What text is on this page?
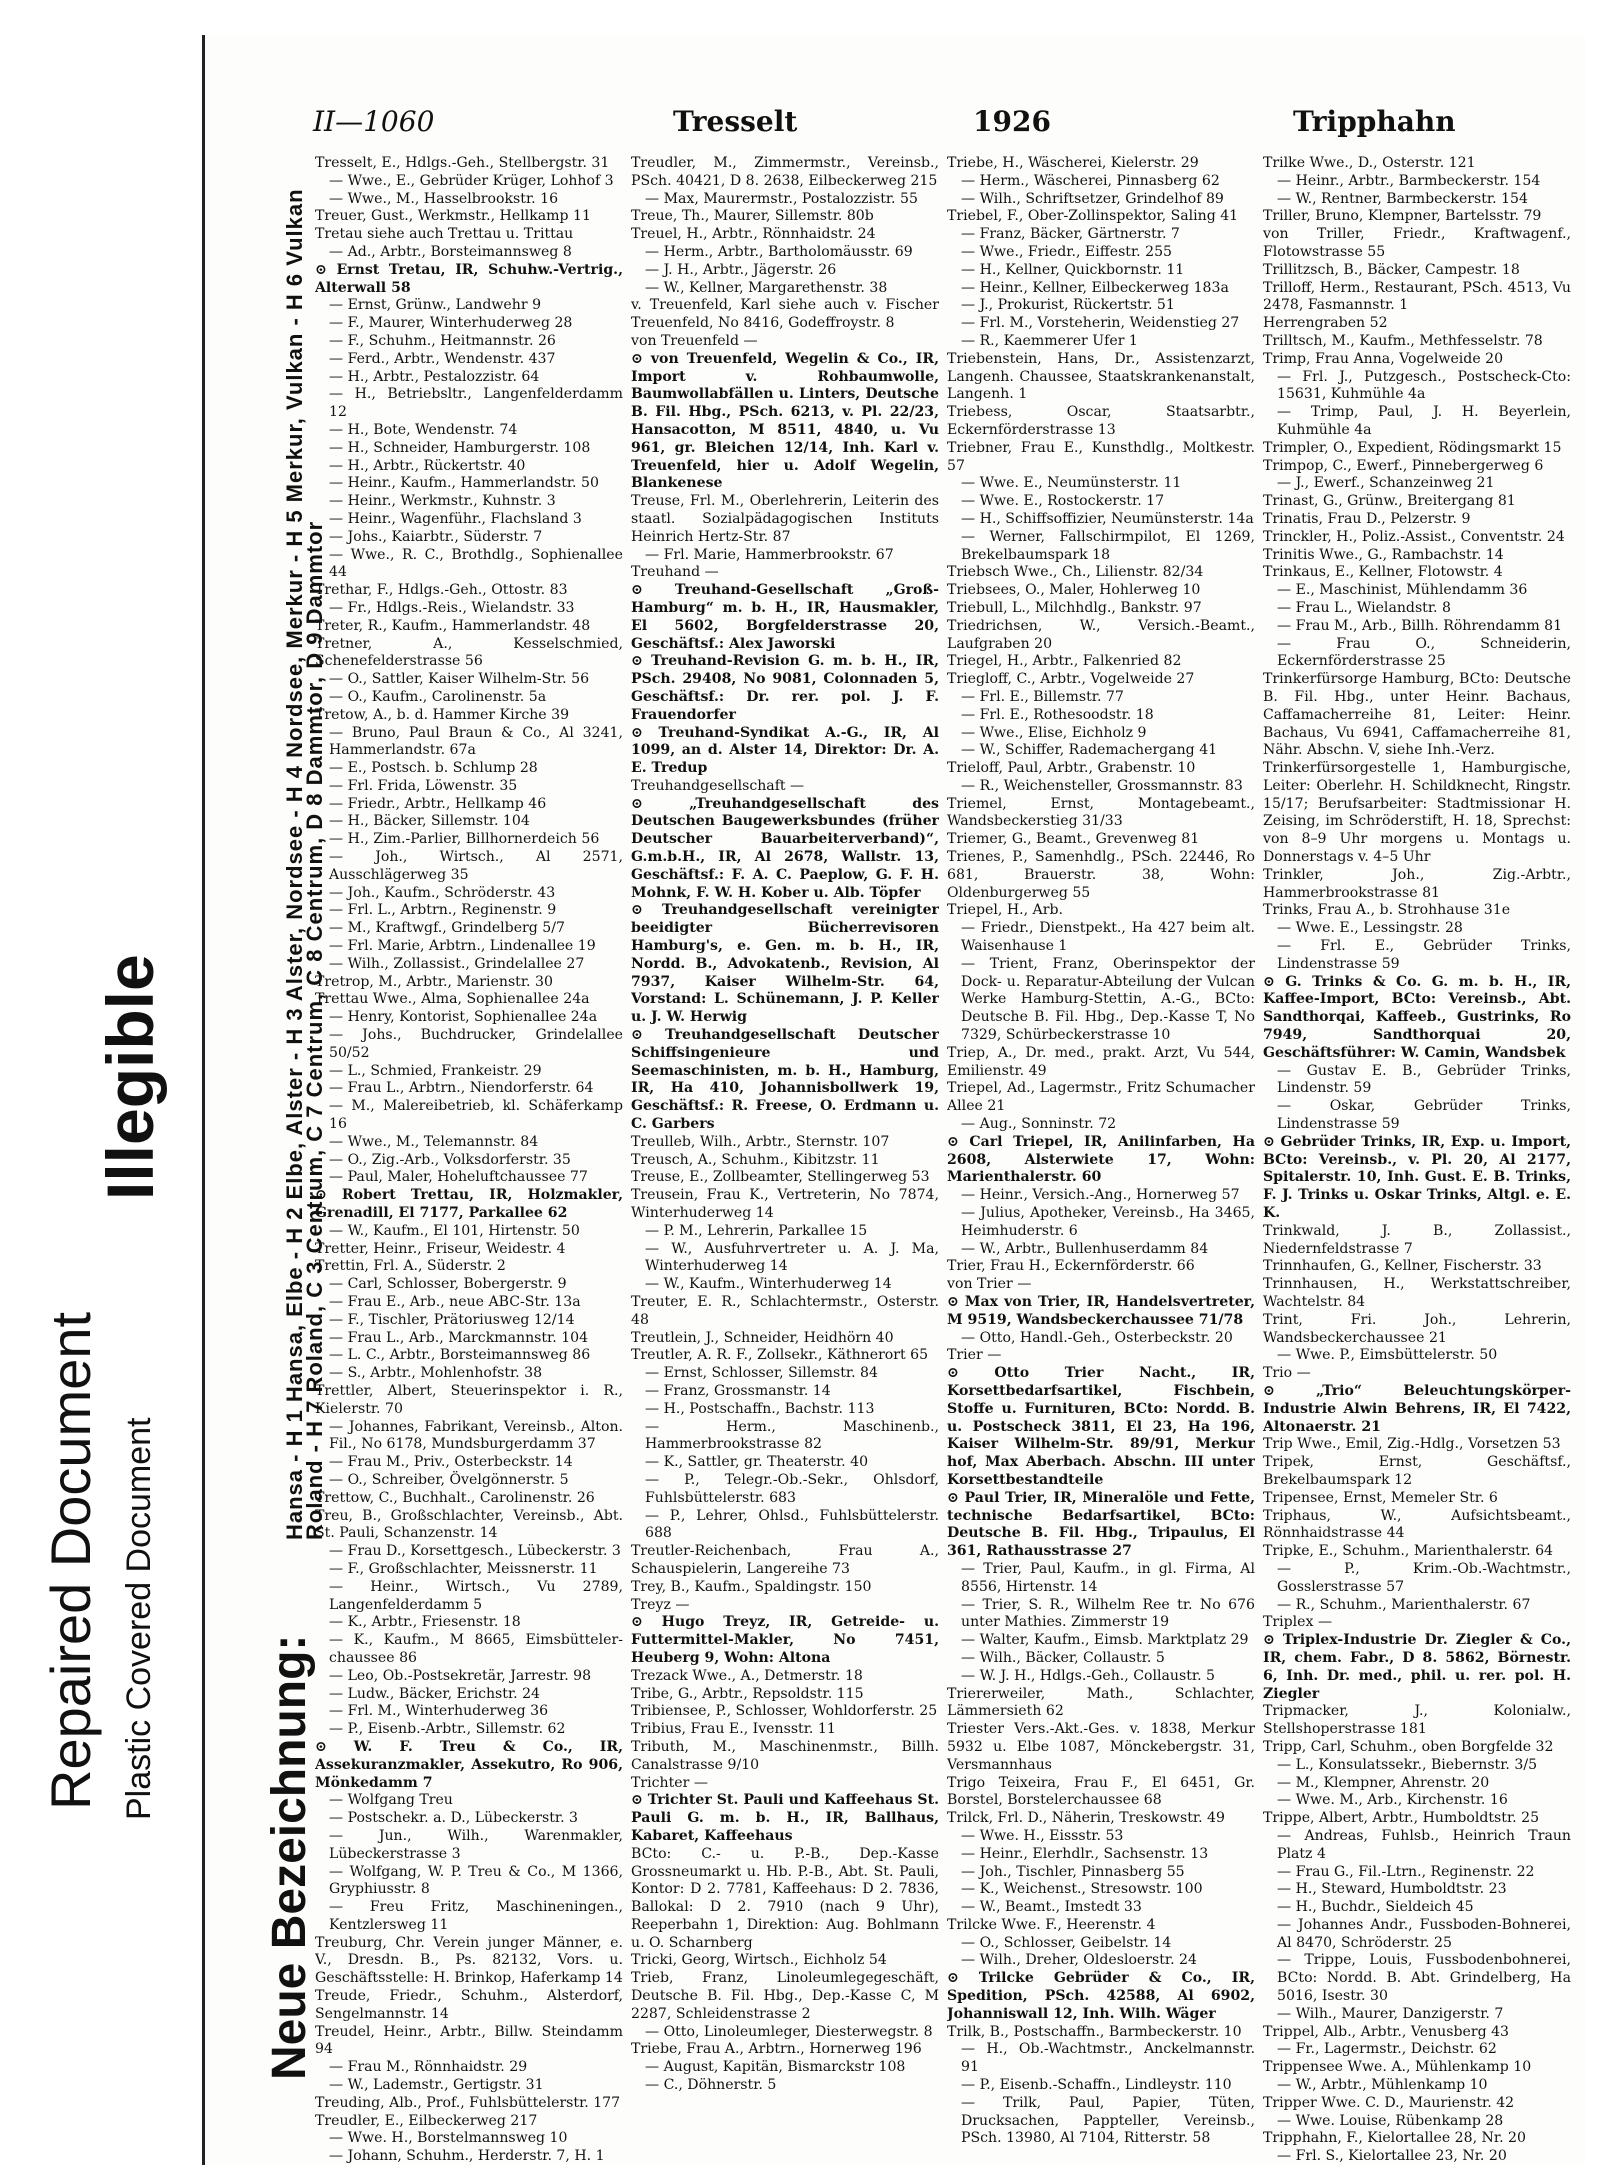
Repaired Document Plastic Covered Document
Illegible
II—1060	Tresselt	1926	Tripphahn

Tresselt, E., Hdlgs.-Geh., Stellbergstr. 31

— Wwe., E., Gebrüder Krüger, Lohhof 3

— Wwe., M., Hasselbrookstr. 16

Treuer, Gust., Werkmstr., Hellkamp 11

Tretau siehe auch Trettau u. Trittau

— Ad., Arbtr., Borsteimannsweg 8

⊙ Ernst Tretau, IR, Schuhw.-Vertrig., Alterwall 58

— Ernst, Grünw., Landwehr 9

— F., Maurer, Winterhuderweg 28

— F., Schuhm., Heitmannstr. 26

— Ferd., Arbtr., Wendenstr. 437

— H., Arbtr., Pestalozzistr. 64

— H., Betriebsltr., Langenfelderdamm 12

— H., Bote, Wendenstr. 74

— H., Schneider, Hamburgerstr. 108

— H., Arbtr., Rückertstr. 40

— Heinr., Kaufm., Hammerlandstr. 50

— Heinr., Werkmstr., Kuhnstr. 3

— Heinr., Wagenführ., Flachsland 3

— Johs., Kaiarbtr., Süderstr. 7

— Wwe., R. C., Brothdlg., Sophienallee 44

Trethar, F., Hdlgs.-Geh., Ottostr. 83

— Fr., Hdlgs.-Reis., Wielandstr. 33

Treter, R., Kaufm., Hammerlandstr. 48

Tretner, A., Kesselschmied, Schenefelderstrasse 56

— O., Sattler, Kaiser Wilhelm-Str. 56

— O., Kaufm., Carolinenstr. 5a

Tretow, A., b. d. Hammer Kirche 39

— Bruno, Paul Braun & Co., Al 3241, Hammerlandstr. 67a

— E., Postsch. b. Schlump 28

— Frl. Frida, Löwenstr. 35

— Friedr., Arbtr., Hellkamp 46

— H., Bäcker, Sillemstr. 104

— H., Zim.-Parlier, Billhornerdeich 56

— Joh., Wirtsch., Al 2571, Ausschlägerweg 35

— Joh., Kaufm., Schröderstr. 43

— Frl. L., Arbtrn., Reginenstr. 9

— M., Kraftwgf., Grindelberg 5/7

— Frl. Marie, Arbtrn., Lindenallee 19

— Wilh., Zollassist., Grindelallee 27

Tretrop, M., Arbtr., Marienstr. 30

Trettau Wwe., Alma, Sophienallee 24a

— Henry, Kontorist, Sophienallee 24a

— Johs., Buchdrucker, Grindelallee 50/52

— L., Schmied, Frankeistr. 29

— Frau L., Arbtrn., Niendorferstr. 64

— M., Malereibetrieb, kl. Schäferkamp 16

— Wwe., M., Telemannstr. 84

— O., Zig.-Arb., Volksdorferstr. 35

— Paul, Maler, Hoheluftchaussee 77

⊙ Robert Trettau, IR, Holzmakler, Grenadill, El 7177, Parkallee 62

— W., Kaufm., El 101, Hirtenstr. 50

Tretter, Heinr., Friseur, Weidestr. 4

Trettin, Frl. A., Süderstr. 2

— Carl, Schlosser, Bobergerstr. 9

— Frau E., Arb., neue ABC-Str. 13a

— F., Tischler, Prätoriusweg 12/14

— Frau L., Arb., Marckmannstr. 104

— L. C., Arbtr., Borsteimannsweg 86

— S., Arbtr., Mohlenhofstr. 38

Trettler, Albert, Steuerinspektor i. R., Kielerstr. 70

— Johannes, Fabrikant, Vereinsb., Alton. Fil., No 6178, Mundsburgerdamm 37

— Frau M., Priv., Osterbeckstr. 14

— O., Schreiber, Övelgönnerstr. 5

Trettow, C., Buchhalt., Carolinenstr. 26

Treu, B., Großschlachter, Vereinsb., Abt. St. Pauli, Schanzenstr. 14

— Frau D., Korsettgesch., Lübeckerstr. 3

— F., Großschlachter, Meissnerstr. 11

— Heinr., Wirtsch., Vu 2789, Langenfelderdamm 5

— K., Arbtr., Friesenstr. 18

— K., Kaufm., M 8665, Eimsbütteler-chaussee 86

— Leo, Ob.-Postsekretär, Jarrestr. 98

— Ludw., Bäcker, Erichstr. 24

— Frl. M., Winterhuderweg 36

— P., Eisenb.-Arbtr., Sillemstr. 62

⊙ W. F. Treu & Co., IR, Assekuranzmakler, Assekutro, Ro 906, Mönkedamm 7

— Wolfgang Treu

— Postschekr. a. D., Lübeckerstr. 3

— Jun., Wilh., Warenmakler, Lübeckerstrasse 3

— Wolfgang, W. P. Treu & Co., M 1366, Gryphiusstr. 8

— Freu Fritz, Maschineningen., Kentzlersweg 11

Treuburg, Chr. Verein junger Männer, e. V., Dresdn. B., Ps. 82132, Vors. u. Geschäftsstelle: H. Brinkop, Haferkamp 14

Treude, Friedr., Schuhm., Alsterdorf, Sengelmannstr. 14

Treudel, Heinr., Arbtr., Billw. Steindamm 94

— Frau M., Rönnhaidstr. 29

— W., Lademstr., Gertigstr. 31

Treuding, Alb., Prof., Fuhlsbüttelerstr. 177

Treudler, E., Eilbeckerweg 217

— Wwe. H., Borstelmannsweg 10

— Johann, Schuhm., Herderstr. 7, H. 1

Treudler, M., Zimmermstr., Vereinsb., PSch. 40421, D 8. 2638, Eilbeckerweg 215

— Max, Maurermstr., Postalozzistr. 55

Treue, Th., Maurer, Sillemstr. 80b

Treuel, H., Arbtr., Rönnhaidstr. 24

— Herm., Arbtr., Bartholomäusstr. 69

— J. H., Arbtr., Jägerstr. 26

— W., Kellner, Margarethenstr. 38

v. Treuenfeld, Karl siehe auch v. Fischer Treuenfeld, No 8416, Godeffroystr. 8

von Treuenfeld —

⊙ von Treuenfeld, Wegelin & Co., IR, Import v. Rohbaumwolle, Baumwollabfällen u. Linters, Deutsche B. Fil. Hbg., PSch. 6213, v. Pl. 22/23, Hansacotton, M 8511, 4840, u. Vu 961, gr. Bleichen 12/14, Inh. Karl v. Treuenfeld, hier u. Adolf Wegelin, Blankenese

Treuse, Frl. M., Oberlehrerin, Leiterin des staatl. Sozialpädagogischen Instituts Heinrich Hertz-Str. 87

— Frl. Marie, Hammerbrookstr. 67

Treuhand —

⊙ Treuhand-Gesellschaft „Groß-Hamburg“ m. b. H., IR, Hausmakler, El 5602, Borgfelderstrasse 20, Geschäftsf.: Alex Jaworski

⊙ Treuhand-Revision G. m. b. H., IR, PSch. 29408, No 9081, Colonnaden 5, Geschäftsf.: Dr. rer. pol. J. F. Frauendorfer

⊙ Treuhand-Syndikat A.-G., IR, Al 1099, an d. Alster 14, Direktor: Dr. A. E. Tredup

Treuhandgesellschaft —

⊙ „Treuhandgesellschaft des Deutschen Baugewerksbundes (früher Deutscher Bauarbeiterverband)“, G.m.b.H., IR, Al 2678, Wallstr. 13, Geschäftsf.: F. A. C. Paeplow, G. F. H. Mohnk, F. W. H. Kober u. Alb. Töpfer

⊙ Treuhandgesellschaft vereinigter beeidigter Bücherrevisoren Hamburg's, e. Gen. m. b. H., IR, Nordd. B., Advokatenb., Revision, Al 7937, Kaiser Wilhelm-Str. 64, Vorstand: L. Schünemann, J. P. Keller u. J. W. Herwig

⊙ Treuhandgesellschaft Deutscher Schiffsingenieure und Seemaschinisten, m. b. H., Hamburg, IR, Ha 410, Johannisbollwerk 19, Geschäftsf.: R. Freese, O. Erdmann u. C. Garbers

Treulleb, Wilh., Arbtr., Sternstr. 107

Treusch, A., Schuhm., Kibitzstr. 11

Treuse, E., Zollbeamter, Stellingerweg 53

Treusein, Frau K., Vertreterin, No 7874, Winterhuderweg 14

— P. M., Lehrerin, Parkallee 15

— W., Ausfuhrvertreter u. A. J. Ma, Winterhuderweg 14

— W., Kaufm., Winterhuderweg 14

Treuter, E. R., Schlachtermstr., Osterstr. 48

Treutlein, J., Schneider, Heidhörn 40

Treutler, A. R. F., Zollsekr., Käthnerort 65

— Ernst, Schlosser, Sillemstr. 84

— Franz, Grossmanstr. 14

— H., Postschaffn., Bachstr. 113

— Herm., Maschinenb., Hammerbrookstrasse 82

— K., Sattler, gr. Theaterstr. 40

— P., Telegr.-Ob.-Sekr., Ohlsdorf, Fuhlsbüttelerstr. 683

— P., Lehrer, Ohlsd., Fuhlsbüttelerstr. 688

Treutler-Reichenbach, Frau A., Schauspielerin, Langereihe 73

Trey, B., Kaufm., Spaldingstr. 150

Treyz —

⊙ Hugo Treyz, IR, Getreide- u. Futtermittel-Makler, No 7451, Heuberg 9, Wohn: Altona

Trezack Wwe., A., Detmerstr. 18

Tribe, G., Arbtr., Repsoldstr. 115

Tribiensee, P., Schlosser, Wohldorferstr. 25

Tribius, Frau E., Ivensstr. 11

Tributh, M., Maschinenmstr., Billh. Canalstrasse 9/10

Trichter —

⊙ Trichter St. Pauli und Kaffeehaus St. Pauli G. m. b. H., IR, Ballhaus, Kabaret, Kaffeehaus

BCto: C.- u. P.-B., Dep.-Kasse Grossneumarkt u. Hb. P.-B., Abt. St. Pauli, Kontor: D 2. 7781, Kaffeehaus: D 2. 7836, Ballokal: D 2. 7910 (nach 9 Uhr), Reeperbahn 1, Direktion: Aug. Bohlmann u. O. Scharnberg

Tricki, Georg, Wirtsch., Eichholz 54

Trieb, Franz, Linoleumlegegeschäft, Deutsche B. Fil. Hbg., Dep.-Kasse C, M 2287, Schleidenstrasse 2

— Otto, Linoleumleger, Diesterwegstr. 8

Triebe, Frau A., Arbtrn., Hornerweg 196

— August, Kapitän, Bismarckstr 108

— C., Döhnerstr. 5

Triebe, H., Wäscherei, Kielerstr. 29

— Herm., Wäscherei, Pinnasberg 62

— Wilh., Schriftsetzer, Grindelhof 89

Triebel, F., Ober-Zollinspektor, Saling 41

— Franz, Bäcker, Gärtnerstr. 7

— Wwe., Friedr., Eiffestr. 255

— H., Kellner, Quickbornstr. 11

— Heinr., Kellner, Eilbeckerweg 183a

— J., Prokurist, Rückertstr. 51

— Frl. M., Vorsteherin, Weidenstieg 27

— R., Kaemmerer Ufer 1

Triebenstein, Hans, Dr., Assistenzarzt, Langenh. Chaussee, Staatskrankenanstalt, Langenh. 1

Triebess, Oscar, Staatsarbtr., Eckernförderstrasse 13

Triebner, Frau E., Kunsthdlg., Moltkestr. 57

— Wwe. E., Neumünsterstr. 11

— Wwe. E., Rostockerstr. 17

— H., Schiffsoffizier, Neumünsterstr. 14a

— Werner, Fallschirmpilot, El 1269, Brekelbaumspark 18

Triebsch Wwe., Ch., Lilienstr. 82/34

Triebsees, O., Maler, Hohlerweg 10

Triebull, L., Milchhdlg., Bankstr. 97

Triedrichsen, W., Versich.-Beamt., Laufgraben 20

Triegel, H., Arbtr., Falkenried 82

Triegloff, C., Arbtr., Vogelweide 27

— Frl. E., Billemstr. 77

— Frl. E., Rothesoodstr. 18

— Wwe., Elise, Eichholz 9

— W., Schiffer, Rademachergang 41

Trieloff, Paul, Arbtr., Grabenstr. 10

— R., Weichensteller, Grossmannstr. 83

Triemel, Ernst, Montagebeamt., Wandsbeckerstieg 31/33

Triemer, G., Beamt., Grevenweg 81

Trienes, P., Samenhdlg., PSch. 22446, Ro 681, Brauerstr. 38, Wohn: Oldenburgerweg 55

Triepel, H., Arb.

— Friedr., Dienstpekt., Ha 427 beim alt. Waisenhause 1

— Trient, Franz, Oberinspektor der Dock- u. Reparatur-Abteilung der Vulcan Werke Hamburg-Stettin, A.-G., BCto: Deutsche B. Fil. Hbg., Dep.-Kasse T, No 7329, Schürbeckerstrasse 10

Triep, A., Dr. med., prakt. Arzt, Vu 544, Emilienstr. 49

Triepel, Ad., Lagermstr., Fritz Schumacher Allee 21

— Aug., Sonninstr. 72

⊙ Carl Triepel, IR, Anilinfarben, Ha 2608, Alsterwiete 17, Wohn: Marienthalerstr. 60

— Heinr., Versich.-Ang., Hornerweg 57

— Julius, Apotheker, Vereinsb., Ha 3465, Heimhuderstr. 6

— W., Arbtr., Bullenhuserdamm 84

Trier, Frau H., Eckernförderstr. 66

von Trier —

⊙ Max von Trier, IR, Handelsvertreter, M 9519, Wandsbeckerchaussee 71/78

— Otto, Handl.-Geh., Osterbeckstr. 20

Trier —

⊙ Otto Trier Nacht., IR, Korsettbedarfsartikel, Fischbein, Stoffe u. Furnituren, BCto: Nordd. B. u. Postscheck 3811, El 23, Ha 196, Kaiser Wilhelm-Str. 89/91, Merkur hof, Max Aberbach. Abschn. III unter Korsettbestandteile

⊙ Paul Trier, IR, Mineralöle und Fette, technische Bedarfsartikel, BCto: Deutsche B. Fil. Hbg., Tripaulus, El 361, Rathausstrasse 27

— Trier, Paul, Kaufm., in gl. Firma, Al 8556, Hirtenstr. 14

— Trier, S. R., Wilhelm Ree tr. No 676 unter Mathies. Zimmerstr 19

— Walter, Kaufm., Eimsb. Marktplatz 29

— Wilh., Bäcker, Collaustr. 5

— W. J. H., Hdlgs.-Geh., Collaustr. 5

Triererweiler, Math., Schlachter, Lämmersieth 62

Triester Vers.-Akt.-Ges. v. 1838, Merkur 5932 u. Elbe 1087, Mönckebergstr. 31, Versmannhaus

Trigo Teixeira, Frau F., El 6451, Gr. Borstel, Borstelerchaussee 68

Trilck, Frl. D., Näherin, Treskowstr. 49

— Wwe. H., Eissstr. 53

— Heinr., Elerhdlr., Sachsenstr. 13

— Joh., Tischler, Pinnasberg 55

— K., Weichenst., Stresowstr. 100

— W., Beamt., Imstedt 33

Trilcke Wwe. F., Heerenstr. 4

— O., Schlosser, Geibelstr. 14

— Wilh., Dreher, Oldesloerstr. 24

⊙ Trilcke Gebrüder & Co., IR, Spedition, PSch. 42588, Al 6902, Johanniswall 12, Inh. Wilh. Wäger

Trilk, B., Postschaffn., Barmbeckerstr. 10

— H., Ob.-Wachtmstr., Anckelmannstr. 91

— P., Eisenb.-Schaffn., Lindleystr. 110

— Trilk, Paul, Papier, Tüten, Drucksachen, Pappteller, Vereinsb., PSch. 13980, Al 7104, Ritterstr. 58

Trilke Wwe., D., Osterstr. 121

— Heinr., Arbtr., Barmbeckerstr. 154

— W., Rentner, Barmbeckerstr. 154

Triller, Bruno, Klempner, Bartelsstr. 79

von Triller, Friedr., Kraftwagenf., Flotowstrasse 55

Trillitzsch, B., Bäcker, Campestr. 18

Trilloff, Herm., Restaurant, PSch. 4513, Vu 2478, Fasmannstr. 1

Herrengraben 52

Trilltsch, M., Kaufm., Methfesselstr. 78

Trimp, Frau Anna, Vogelweide 20

— Frl. J., Putzgesch., Postscheck-Cto: 15631, Kuhmühle 4a

— Trimp, Paul, J. H. Beyerlein, Kuhmühle 4a

Trimpler, O., Expedient, Rödingsmarkt 15

Trimpop, C., Ewerf., Pinnebergerweg 6

— J., Ewerf., Schanzeinweg 21

Trinast, G., Grünw., Breitergang 81

Trinatis, Frau D., Pelzerstr. 9

Trinckler, H., Poliz.-Assist., Conventstr. 24

Trinitis Wwe., G., Rambachstr. 14

Trinkaus, E., Kellner, Flotowstr. 4

— E., Maschinist, Mühlendamm 36

— Frau L., Wielandstr. 8

— Frau M., Arb., Billh. Röhrendamm 81

— Frau O., Schneiderin, Eckernförderstrasse 25

Trinkerfürsorge Hamburg, BCto: Deutsche B. Fil. Hbg., unter Heinr. Bachaus, Caffamacherreihe 81, Leiter: Heinr. Bachaus, Vu 6941, Caffamacherreihe 81, Nähr. Abschn. V, siehe Inh.-Verz.

Trinkerfürsorgestelle 1, Hamburgische, Leiter: Oberlehr. H. Schildknecht, Ringstr. 15/17; Berufsarbeiter: Stadtmissionar H. Zeising, im Schröderstift, H. 18, Sprechst: von 8–9 Uhr morgens u. Montags u. Donnerstags v. 4–5 Uhr

Trinkler, Joh., Zig.-Arbtr., Hammerbrookstrasse 81

Trinks, Frau A., b. Strohhause 31e

— Wwe. E., Lessingstr. 28

— Frl. E., Gebrüder Trinks, Lindenstrasse 59

⊙ G. Trinks & Co. G. m. b. H., IR, Kaffee-Import, BCto: Vereinsb., Abt. Sandthorqai, Kaffeeb., Gustrinks, Ro 7949, Sandthorquai 20, Geschäftsführer: W. Camin, Wandsbek

— Gustav E. B., Gebrüder Trinks, Lindenstr. 59

— Oskar, Gebrüder Trinks, Lindenstrasse 59

⊙ Gebrüder Trinks, IR, Exp. u. Import, BCto: Vereinsb., v. Pl. 20, Al 2177, Spitalerstr. 10, Inh. Gust. E. B. Trinks, F. J. Trinks u. Oskar Trinks, Altgl. e. E. K.

Trinkwald, J. B., Zollassist., Niedernfeldstrasse 7

Trinnhaufen, G., Kellner, Fischerstr. 33

Trinnhausen, H., Werkstattschreiber, Wachtelstr. 84

Trint, Fri. Joh., Lehrerin, Wandsbeckerchaussee 21

— Wwe. P., Eimsbüttelerstr. 50

Trio —

⊙ „Trio“ Beleuchtungskörper-Industrie Alwin Behrens, IR, El 7422, Altonaerstr. 21

Trip Wwe., Emil, Zig.-Hdlg., Vorsetzen 53

Tripek, Ernst, Geschäftsf., Brekelbaumspark 12

Tripensee, Ernst, Memeler Str. 6

Triphaus, W., Aufsichtsbeamt., Rönnhaidstrasse 44

Tripke, E., Schuhm., Marienthalerstr. 64

— P., Krim.-Ob.-Wachtmstr., Gosslerstrasse 57

— R., Schuhm., Marienthalerstr. 67

Triplex —

⊙ Triplex-Industrie Dr. Ziegler & Co., IR, chem. Fabr., D 8. 5862, Börnestr. 6, Inh. Dr. med., phil. u. rer. pol. H. Ziegler

Tripmacker, J., Kolonialw., Stellshoperstrasse 181

Tripp, Carl, Schuhm., oben Borgfelde 32

— L., Konsulatssekr., Biebernstr. 3/5

— M., Klempner, Ahrenstr. 20

— Wwe. M., Arb., Kirchenstr. 16

Trippe, Albert, Arbtr., Humboldtstr. 25

— Andreas, Fuhlsb., Heinrich Traun Platz 4

— Frau G., Fil.-Ltrn., Reginenstr. 22

— H., Steward, Humboldtstr. 23

— H., Buchdr., Sieldeich 45

— Johannes Andr., Fussboden-Bohnerei, Al 8470, Schröderstr. 25

— Trippe, Louis, Fussbodenbohnerei, BCto: Nordd. B. Abt. Grindelberg, Ha 5016, Isestr. 30

— Wilh., Maurer, Danzigerstr. 7

Trippel, Alb., Arbtr., Venusberg 43

— Fr., Lagermstr., Deichstr. 62

Trippensee Wwe. A., Mühlenkamp 10

— W., Arbtr., Mühlenkamp 10

Tripper Wwe. C. D., Maurienstr. 42

— Wwe. Louise, Rübenkamp 28

Tripphahn, F., Kielortallee 28, Nr. 20

— Frl. S., Kielortallee 23, Nr. 20

Neue Bezeichnung:
Hansa - H 1 Hansa, Elbe - H 2 Elbe, Alster - H 3 Alster, Nordsee - H 4 Nordsee, Merkur - H 5 Merkur, Vulkan - H 6 Vulkan
Roland - H 7 Roland, C 3 Centrum, C 7 Centrum, C 8 Centrum, D 8 Dammtor, D 9 Dammtor
